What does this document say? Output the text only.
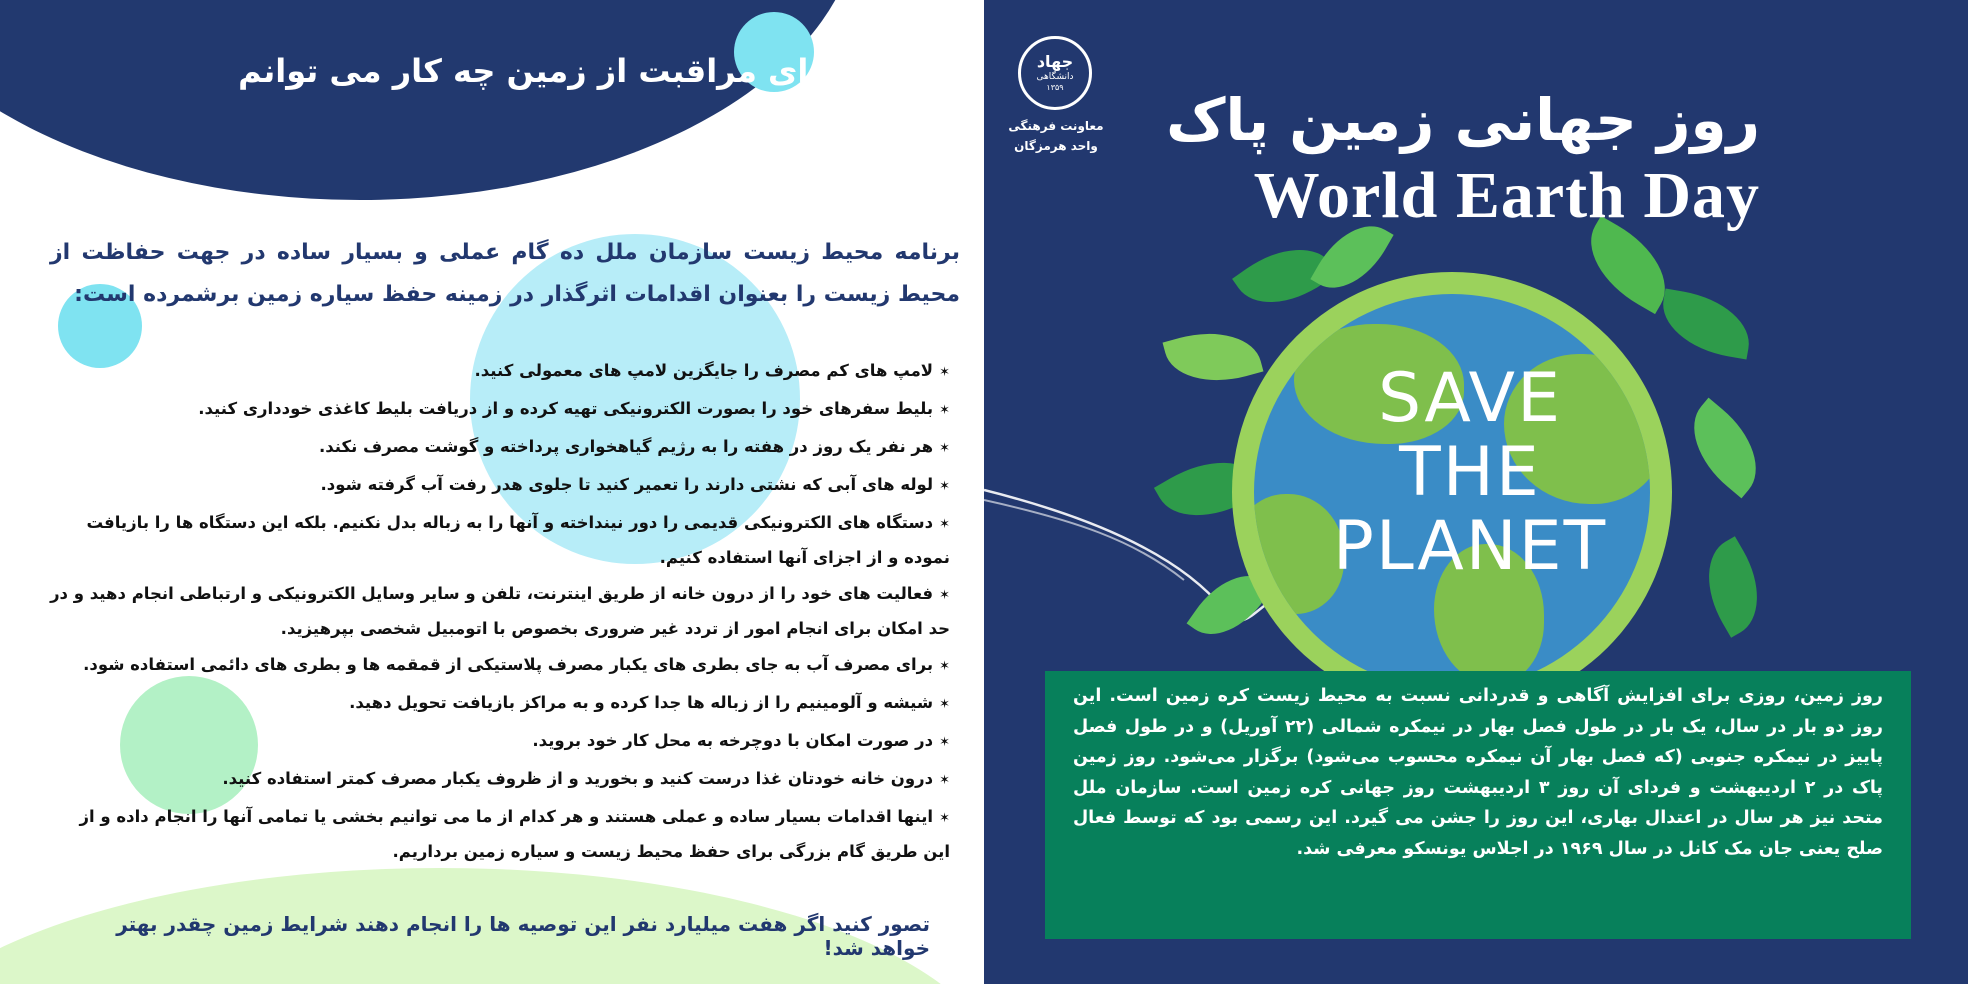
من برای مراقبت از زمین چه کار می توانم انجام دهم ؟

برنامه محیط زیست سازمان ملل ده گام عملی و بسیار ساده در جهت حفاظت از محیط زیست را بعنوان اقدامات اثرگذار در زمینه حفظ سیاره زمین برشمرده است:

✶ لامپ های کم مصرف را جایگزین لامپ های معمولی کنید.
✶ بلیط سفرهای خود را بصورت الکترونیکی تهیه کرده و از دریافت بلیط کاغذی خودداری کنید.
✶ هر نفر یک روز در هفته را به رژیم گیاهخواری پرداخته و گوشت مصرف نکند.
✶ لوله های آبی که نشتی دارند را تعمیر کنید تا جلوی هدر رفت آب گرفته شود.
✶ دستگاه های الکترونیکی قدیمی را دور نینداخته و آنها را به زباله بدل نکنیم. بلکه این دستگاه ها را بازیافت نموده و از اجزای آنها استفاده کنیم.
✶ فعالیت های خود را از درون خانه از طریق اینترنت، تلفن و سایر وسایل الکترونیکی و ارتباطی انجام دهید و در حد امکان برای انجام امور از تردد غیر ضروری بخصوص با اتومبیل شخصی بپرهیزید.
✶ برای مصرف آب به جای بطری های یکبار مصرف پلاستیکی از قمقمه ها و بطری های دائمی استفاده شود.
✶ شیشه و آلومینیم را از زباله ها جدا کرده و به مراکز بازیافت تحویل دهید.
✶ در صورت امکان با دوچرخه به محل کار خود بروید.
✶ درون خانه خودتان غذا درست کنید و بخورید و از ظروف یکبار مصرف کمتر استفاده کنید.
✶ اینها اقدامات بسیار ساده و عملی هستند و هر کدام از ما می توانیم بخشی یا تمامی آنها را انجام داده و از این طریق گام بزرگی برای حفظ محیط زیست و سیاره زمین برداریم.

تصور کنید اگر هفت میلیارد نفر این توصیه ها را انجام دهند شرایط زمین چقدر بهتر خواهد شد!

SAVE
THE
PLANET
جهاد
دانشگاهی
۱۳۵۹

معاونت فرهنگی
واحد هرمزگان	روز جهانی زمین پاک
World Earth Day

روز زمین، روزی برای افزایش آگاهی و قدردانی نسبت به محیط زیست کره زمین است. این روز دو بار در سال، یک بار در طول فصل بهار در نیمکره شمالی (۲۲ آوریل) و در طول فصل پاییز در نیمکره جنوبی (که فصل بهار آن نیمکره محسوب می‌شود) برگزار می‌شود. روز زمین پاک در ۲ اردیبهشت و فردای آن روز ۳ اردیبهشت روز جهانی کره زمین است. سازمان ملل متحد نیز هر سال در اعتدال بهاری، این روز را جشن می گیرد. این رسمی بود که توسط فعال صلح یعنی جان مک کانل در سال ۱۹۶۹ در اجلاس یونسکو معرفی شد.
